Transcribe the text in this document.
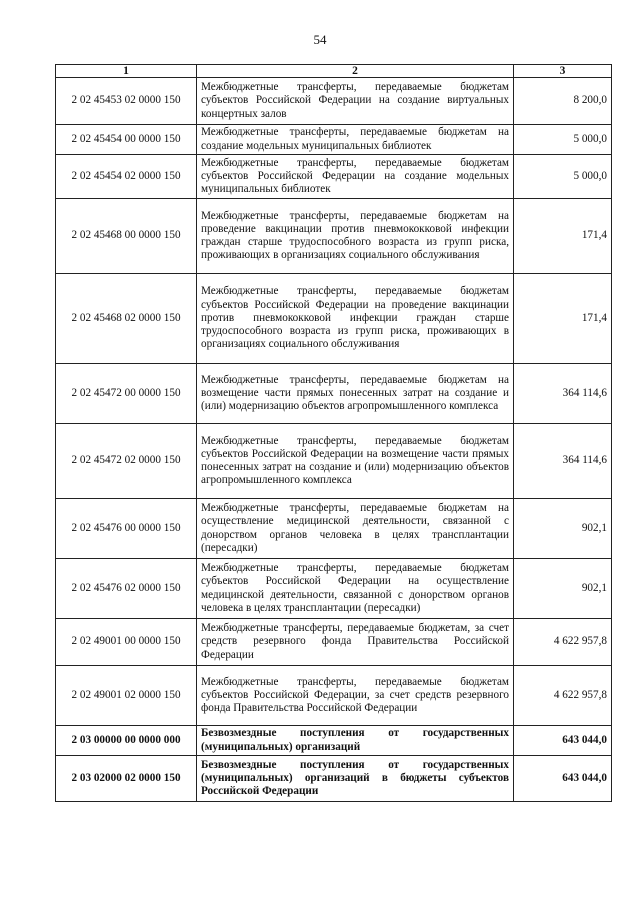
54
1	2	3
2 02 45453 02 0000 150	Межбюджетные трансферты, передаваемые бюджетам субъектов Российской Федерации на создание виртуальных концертных залов	8 200,0
2 02 45454 00 0000 150	Межбюджетные трансферты, передаваемые бюджетам на создание модельных муниципальных библиотек	5 000,0
2 02 45454 02 0000 150	Межбюджетные трансферты, передаваемые бюджетам субъектов Российской Федерации на создание модельных муниципальных библиотек	5 000,0
2 02 45468 00 0000 150	Межбюджетные трансферты, передаваемые бюджетам на проведение вакцинации против пневмококковой инфекции граждан старше трудоспособного возраста из групп риска, проживающих в организациях социального обслуживания	171,4
2 02 45468 02 0000 150	Межбюджетные трансферты, передаваемые бюджетам субъектов Российской Федерации на проведение вакцинации против пневмококковой инфекции граждан старше трудоспособного возраста из групп риска, проживающих в организациях социального обслуживания	171,4
2 02 45472 00 0000 150	Межбюджетные трансферты, передаваемые бюджетам на возмещение части прямых понесенных затрат на создание и (или) модернизацию объектов агропромышленного комплекса	364 114,6
2 02 45472 02 0000 150	Межбюджетные трансферты, передаваемые бюджетам субъектов Российской Федерации на возмещение части прямых понесенных затрат на создание и (или) модернизацию объектов агропромышленного комплекса	364 114,6
2 02 45476 00 0000 150	Межбюджетные трансферты, передаваемые бюджетам на осуществление медицинской деятельности, связанной с донорством органов человека в целях трансплантации (пересадки)	902,1
2 02 45476 02 0000 150	Межбюджетные трансферты, передаваемые бюджетам субъектов Российской Федерации на осуществление медицинской деятельности, связанной с донорством органов человека в целях трансплантации (пересадки)	902,1
2 02 49001 00 0000 150	Межбюджетные трансферты, передаваемые бюджетам, за счет средств резервного фонда Правительства Российской Федерации	4 622 957,8
2 02 49001 02 0000 150	Межбюджетные трансферты, передаваемые бюджетам субъектов Российской Федерации, за счет средств резервного фонда Правительства Российской Федерации	4 622 957,8
2 03 00000 00 0000 000	Безвозмездные поступления от государственных (муниципальных) организаций	643 044,0
2 03 02000 02 0000 150	Безвозмездные поступления от государственных (муниципальных) организаций в бюджеты субъектов Российской Федерации	643 044,0
